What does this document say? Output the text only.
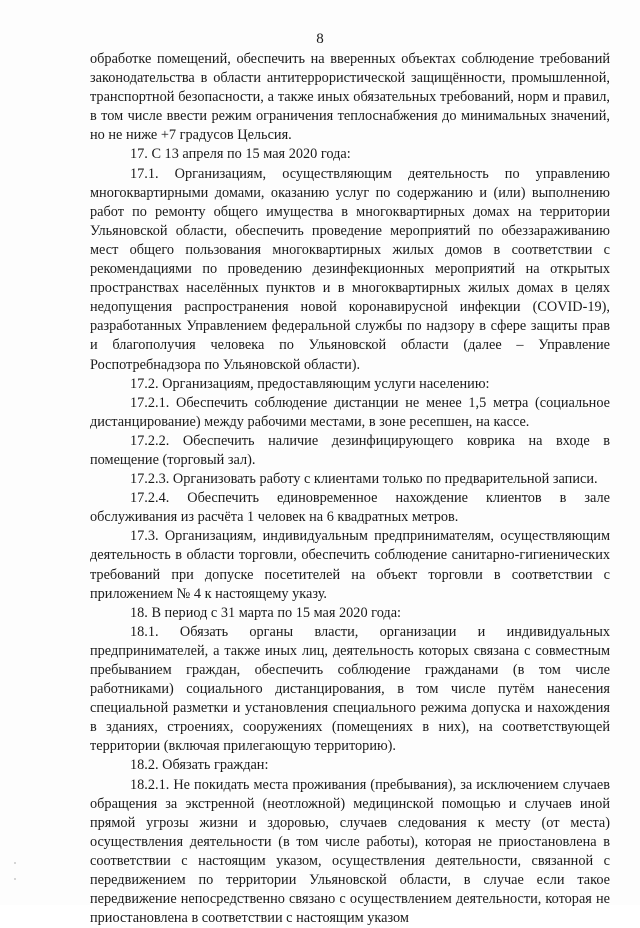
8

обработке помещений, обеспечить на вверенных объектах соблюдение требований законодательства в области антитеррористической защищённости, промышленной, транспортной безопасности, а также иных обязательных требований, норм и правил, в том числе ввести режим ограничения теплоснабжения до минимальных значений, но не ниже +7 градусов Цельсия.

17. С 13 апреля по 15 мая 2020 года:

17.1. Организациям, осуществляющим деятельность по управлению многоквартирными домами, оказанию услуг по содержанию и (или) выполнению работ по ремонту общего имущества в многоквартирных домах на территории Ульяновской области, обеспечить проведение мероприятий по обеззараживанию мест общего пользования многоквартирных жилых домов в соответствии с рекомендациями по проведению дезинфекционных мероприятий на открытых пространствах населённых пунктов и в многоквартирных жилых домах в целях недопущения распространения новой коронавирусной инфекции (COVID-19), разработанных Управлением федеральной службы по надзору в сфере защиты прав и благополучия человека по Ульяновской области (далее – Управление Роспотребнадзора по Ульяновской области).

17.2. Организациям, предоставляющим услуги населению:

17.2.1. Обеспечить соблюдение дистанции не менее 1,5 метра (социальное дистанцирование) между рабочими местами, в зоне ресепшен, на кассе.

17.2.2. Обеспечить наличие дезинфицирующего коврика на входе в помещение (торговый зал).

17.2.3. Организовать работу с клиентами только по предварительной записи.

17.2.4. Обеспечить единовременное нахождение клиентов в зале обслуживания из расчёта 1 человек на 6 квадратных метров.

17.3. Организациям, индивидуальным предпринимателям, осуществляющим деятельность в области торговли, обеспечить соблюдение санитарно-гигиенических требований при допуске посетителей на объект торговли в соответствии с приложением № 4 к настоящему указу.

18. В период с 31 марта по 15 мая 2020 года:

18.1. Обязать органы власти, организации и индивидуальных предпринимателей, а также иных лиц, деятельность которых связана с совместным пребыванием граждан, обеспечить соблюдение гражданами (в том числе работниками) социального дистанцирования, в том числе путём нанесения специальной разметки и установления специального режима допуска и нахождения в зданиях, строениях, сооружениях (помещениях в них), на соответствующей территории (включая прилегающую территорию).

18.2. Обязать граждан:

18.2.1. Не покидать места проживания (пребывания), за исключением случаев обращения за экстренной (неотложной) медицинской помощью и случаев иной прямой угрозы жизни и здоровью, случаев следования к месту (от места) осуществления деятельности (в том числе работы), которая не приостановлена в соответствии с настоящим указом, осуществления деятельности, связанной с передвижением по территории Ульяновской области, в случае если такое передвижение непосредственно связано с осуществлением деятельности, которая не приостановлена в соответствии с настоящим указом
